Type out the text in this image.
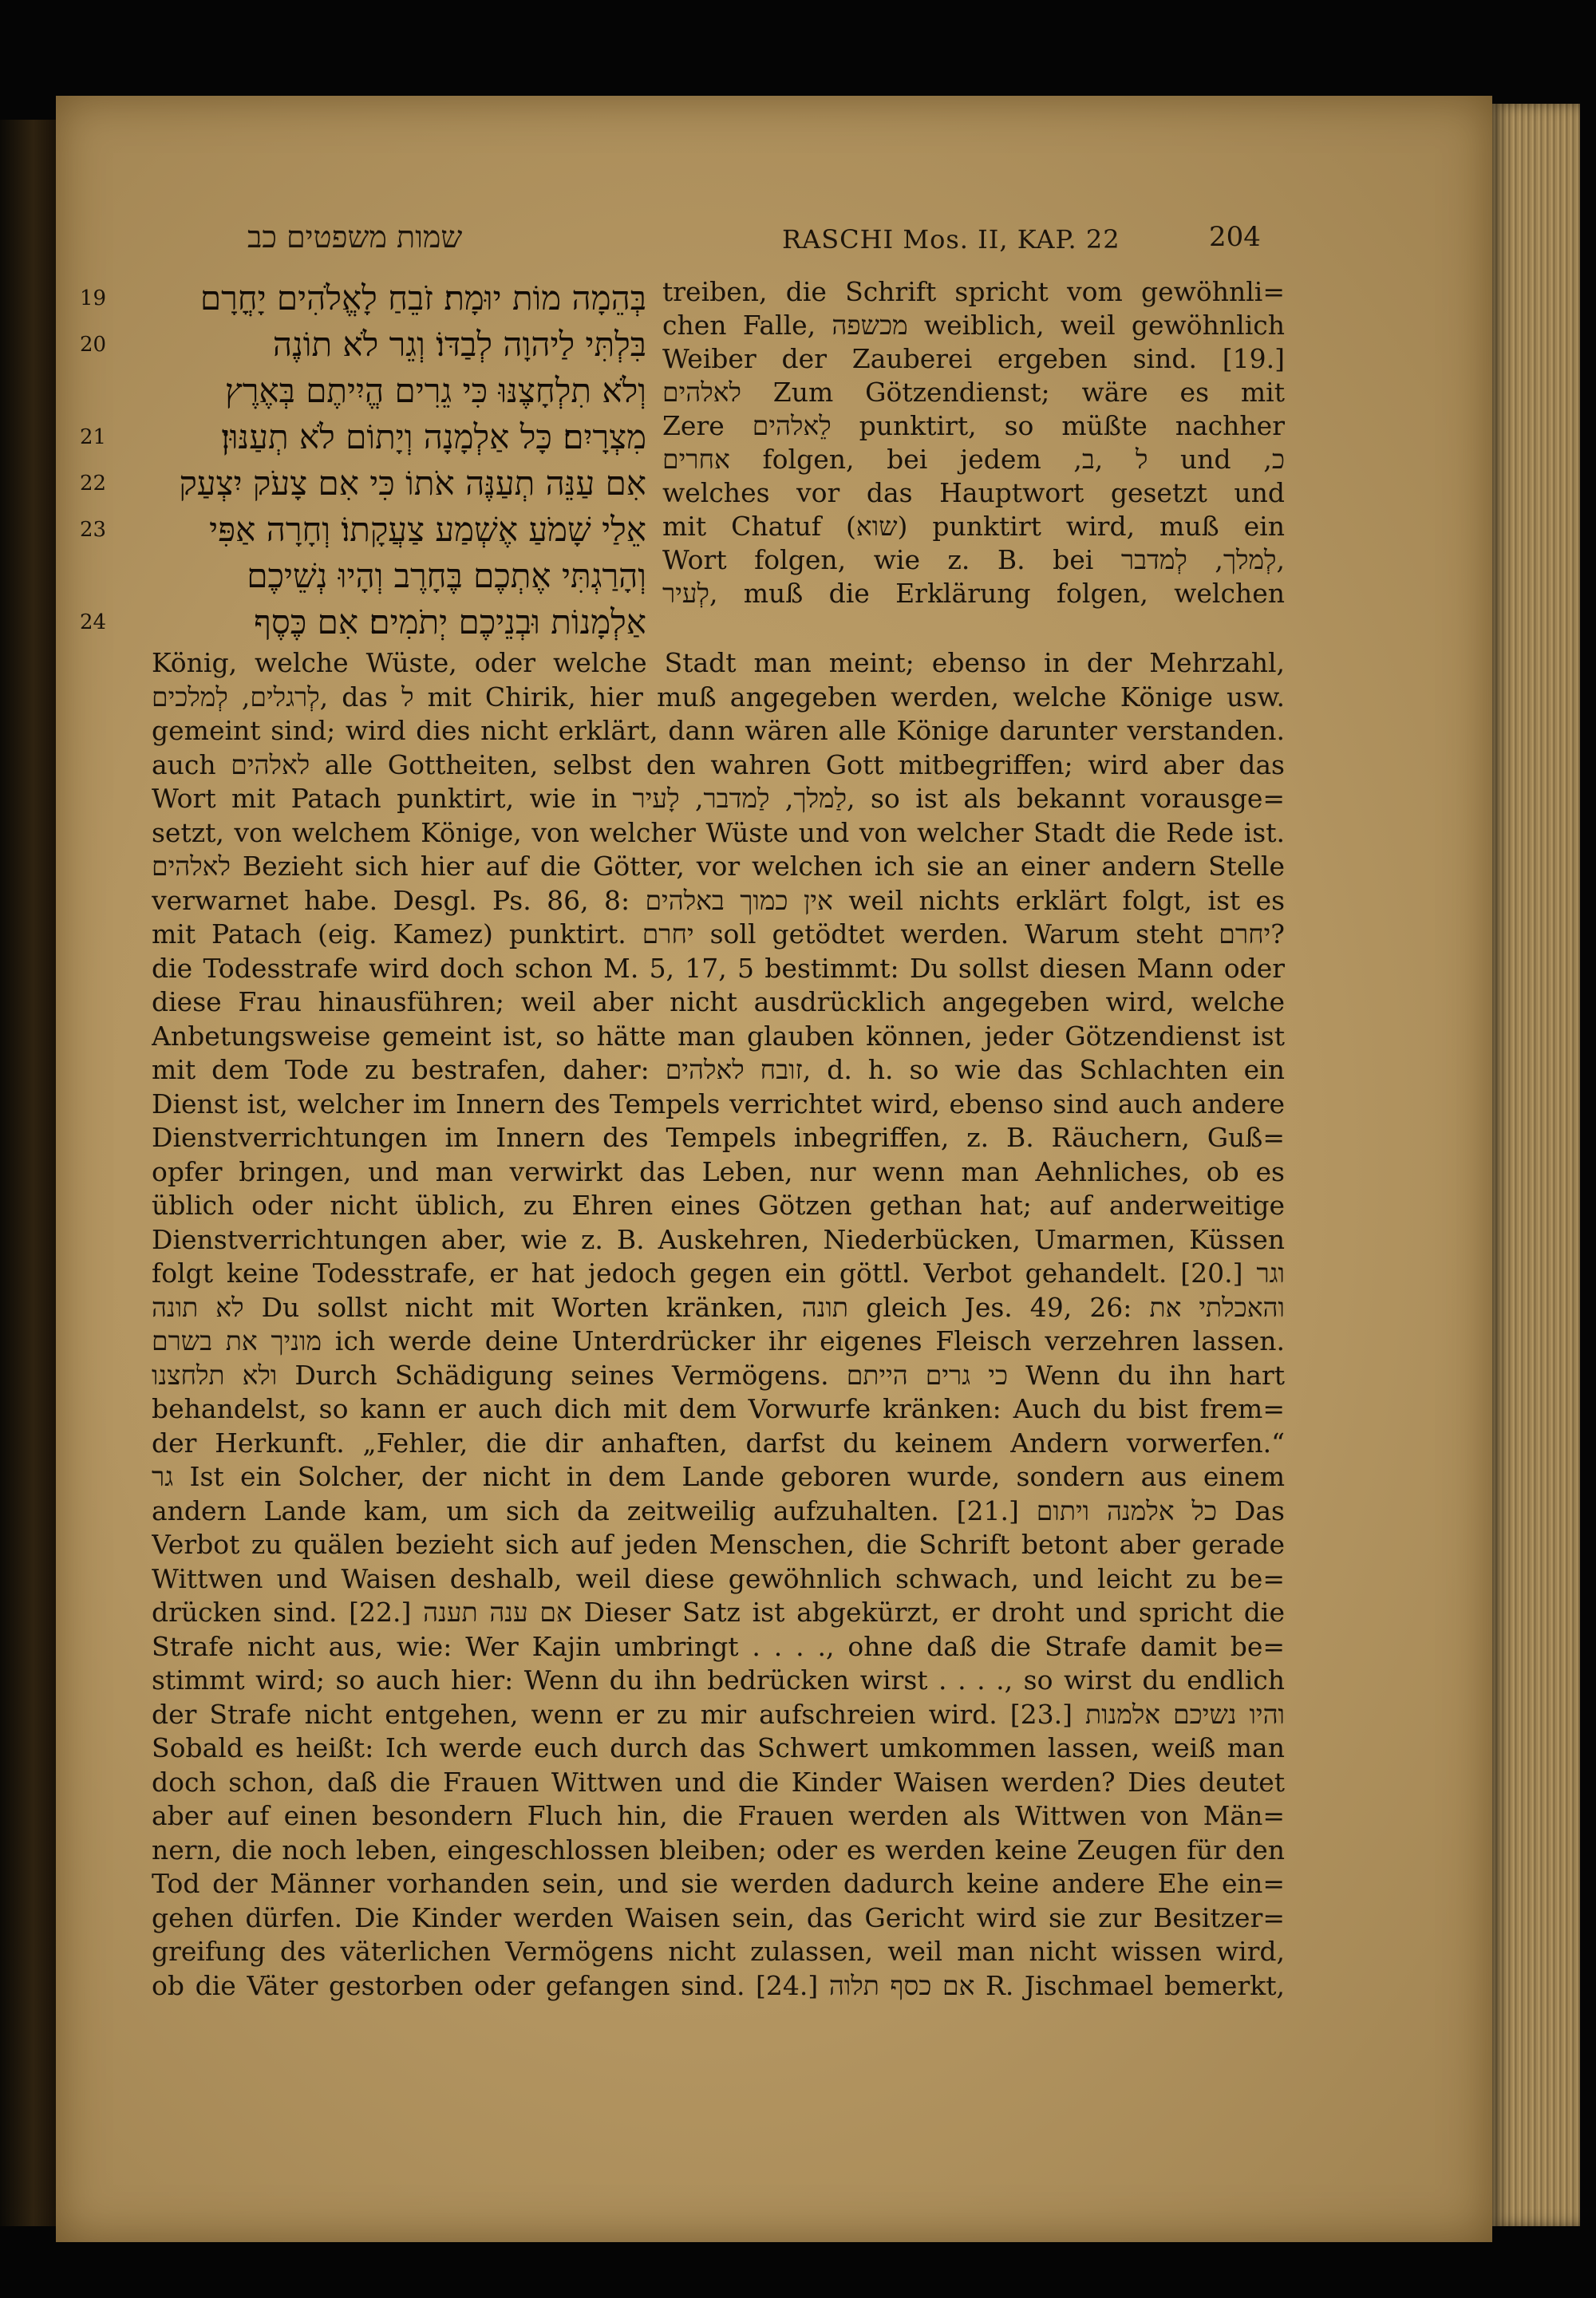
שמות משפטים כב	RASCHI Mos. II, KAP. 22	204
19	בְּהֵמָה מוֹת יוּמָת׃ זֹבֵחַ לָאֱלֹהִים יָחֳרָם
20	בִּלְתִּי לַיהוָה לְבַדּוֹ׃ וְגֵר לֹא תוֹנֶה
וְלֹא תִלְחָצֶנּוּ כִּי גֵרִים הֱיִיתֶם בְּאֶרֶץ
21	מִצְרָיִם׃ כָּל אַלְמָנָה וְיָתוֹם לֹא תְעַנּוּן׃
22	אִם עַנֵּה תְעַנֶּה אֹתוֹ כִּי אִם צָעֹק יִצְעַק
23	אֵלַי שָׁמֹעַ אֶשְׁמַע צַעֲקָתוֹ׃ וְחָרָה אַפִּי
וְהָרַגְתִּי אֶתְכֶם בֶּחָרֶב וְהָיוּ נְשֵׁיכֶם
24	אַלְמָנוֹת וּבְנֵיכֶם יְתֹמִים׃ אִם כֶּסֶף
treiben, die Schrift spricht vom gewöhnli=
chen Falle, מכשפה weiblich, weil gewöhnlich
Weiber der Zauberei ergeben sind. [19.]
לאלהים Zum Götzendienst; wäre es mit
Zere לֵאלהים punktirt, so müßte nachher
אחרים folgen, bei jedem ,ל ,ב und ,כ
welches vor das Hauptwort gesetzt und
mit Chatuf (שוא) punktirt wird, muß ein
Wort folgen, wie z. B. bei לְמלך, לְמדבר,
לְעיר, muß die Erklärung folgen, welchen
König, welche Wüste, oder welche Stadt man meint; ebenso in der Mehrzahl,
לְרגלים, לְמלכים, das ל mit Chirik, hier muß angegeben werden, welche Könige usw.
gemeint sind; wird dies nicht erklärt, dann wären alle Könige darunter verstanden.
auch לאלהים alle Gottheiten, selbst den wahren Gott mitbegriffen; wird aber das
Wort mit Patach punktirt, wie in לַמלך, לַמדבר, לָעיר, so ist als bekannt vorausge=
setzt, von welchem Könige, von welcher Wüste und von welcher Stadt die Rede ist.
לאלהים Bezieht sich hier auf die Götter, vor welchen ich sie an einer andern Stelle
verwarnet habe. Desgl. Ps. 86, 8: אין כמוך באלהים weil nichts erklärt folgt, ist es
mit Patach (eig. Kamez) punktirt. יחרם soll getödtet werden. Warum steht יחרם?
die Todesstrafe wird doch schon M. 5, 17, 5 bestimmt: Du sollst diesen Mann oder
diese Frau hinausführen; weil aber nicht ausdrücklich angegeben wird, welche
Anbetungsweise gemeint ist, so hätte man glauben können, jeder Götzendienst ist
mit dem Tode zu bestrafen, daher: זובח לאלהים, d. h. so wie das Schlachten ein
Dienst ist, welcher im Innern des Tempels verrichtet wird, ebenso sind auch andere
Dienstverrichtungen im Innern des Tempels inbegriffen, z. B. Räuchern, Guß=
opfer bringen, und man verwirkt das Leben, nur wenn man Aehnliches, ob es
üblich oder nicht üblich, zu Ehren eines Götzen gethan hat; auf anderweitige
Dienstverrichtungen aber, wie z. B. Auskehren, Niederbücken, Umarmen, Küssen
folgt keine Todesstrafe, er hat jedoch gegen ein göttl. Verbot gehandelt. [20.] וגר
לא תונה Du sollst nicht mit Worten kränken, תונה gleich Jes. 49, 26: והאכלתי את
מוניך את בשרם ich werde deine Unterdrücker ihr eigenes Fleisch verzehren lassen.
ולא תלחצנו Durch Schädigung seines Vermögens. כי גרים הייתם Wenn du ihn hart
behandelst, so kann er auch dich mit dem Vorwurfe kränken: Auch du bist frem=
der Herkunft. „Fehler, die dir anhaften, darfst du keinem Andern vorwerfen.“
גר Ist ein Solcher, der nicht in dem Lande geboren wurde, sondern aus einem
andern Lande kam, um sich da zeitweilig aufzuhalten. [21.] כל אלמנה ויתום Das
Verbot zu quälen bezieht sich auf jeden Menschen, die Schrift betont aber gerade
Wittwen und Waisen deshalb, weil diese gewöhnlich schwach, und leicht zu be=
drücken sind. [22.] אם ענה תענה Dieser Satz ist abgekürzt, er droht und spricht die
Strafe nicht aus, wie: Wer Kajin umbringt . . . ., ohne daß die Strafe damit be=
stimmt wird; so auch hier: Wenn du ihn bedrücken wirst . . . ., so wirst du endlich
der Strafe nicht entgehen, wenn er zu mir aufschreien wird. [23.] והיו נשיכם אלמנות
Sobald es heißt: Ich werde euch durch das Schwert umkommen lassen, weiß man
doch schon, daß die Frauen Wittwen und die Kinder Waisen werden? Dies deutet
aber auf einen besondern Fluch hin, die Frauen werden als Wittwen von Män=
nern, die noch leben, eingeschlossen bleiben; oder es werden keine Zeugen für den
Tod der Männer vorhanden sein, und sie werden dadurch keine andere Ehe ein=
gehen dürfen. Die Kinder werden Waisen sein, das Gericht wird sie zur Besitzer=
greifung des väterlichen Vermögens nicht zulassen, weil man nicht wissen wird,
ob die Väter gestorben oder gefangen sind. [24.] אם כסף תלוה R. Jischmael bemerkt,
